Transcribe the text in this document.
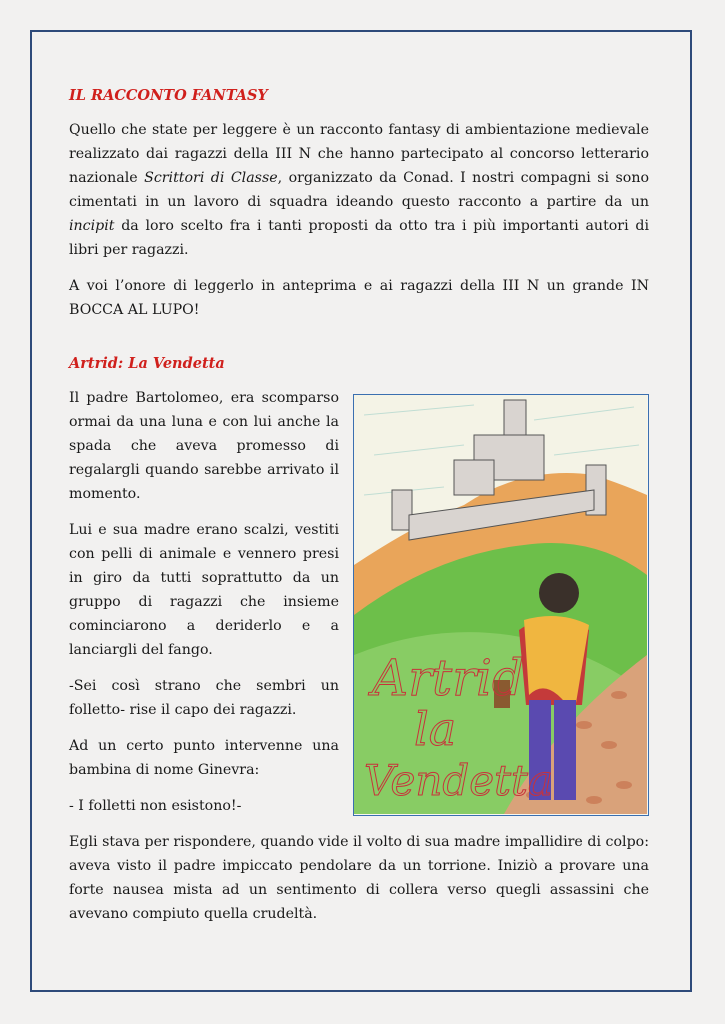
IL RACCONTO FANTASY

Quello che state per leggere è un racconto fantasy di ambientazione medievale realizzato dai ragazzi della III N che hanno partecipato al concorso letterario nazionale Scrittori di Classe, organizzato da Conad. I nostri compagni si sono cimentati in un lavoro di squadra ideando questo racconto a partire da un incipit da loro scelto fra i tanti proposti da otto tra i più importanti autori di libri per ragazzi.

A voi l’onore di leggerlo in anteprima e ai ragazzi della III N un grande IN BOCCA AL LUPO!

Artrid: La Vendetta
Artrid
la
Vendetta

Il padre Bartolomeo, era scomparso ormai da una luna e con lui anche la spada che aveva promesso di regalargli quando sarebbe arrivato il momento.

Lui e sua madre erano scalzi, vestiti con pelli di animale e vennero presi in giro da tutti soprattutto da un gruppo di ragazzi che insieme cominciarono a deriderlo e a lanciargli del fango.

-Sei così strano che sembri un folletto- rise il capo dei ragazzi.

Ad un certo punto intervenne una bambina di nome Ginevra:

- I folletti non esistono!-

Egli stava per rispondere, quando vide il volto di sua madre impallidire di colpo: aveva visto il padre impiccato pendolare da un torrione. Iniziò a provare una forte nausea mista ad un sentimento di collera verso quegli assassini che avevano compiuto quella crudeltà.
